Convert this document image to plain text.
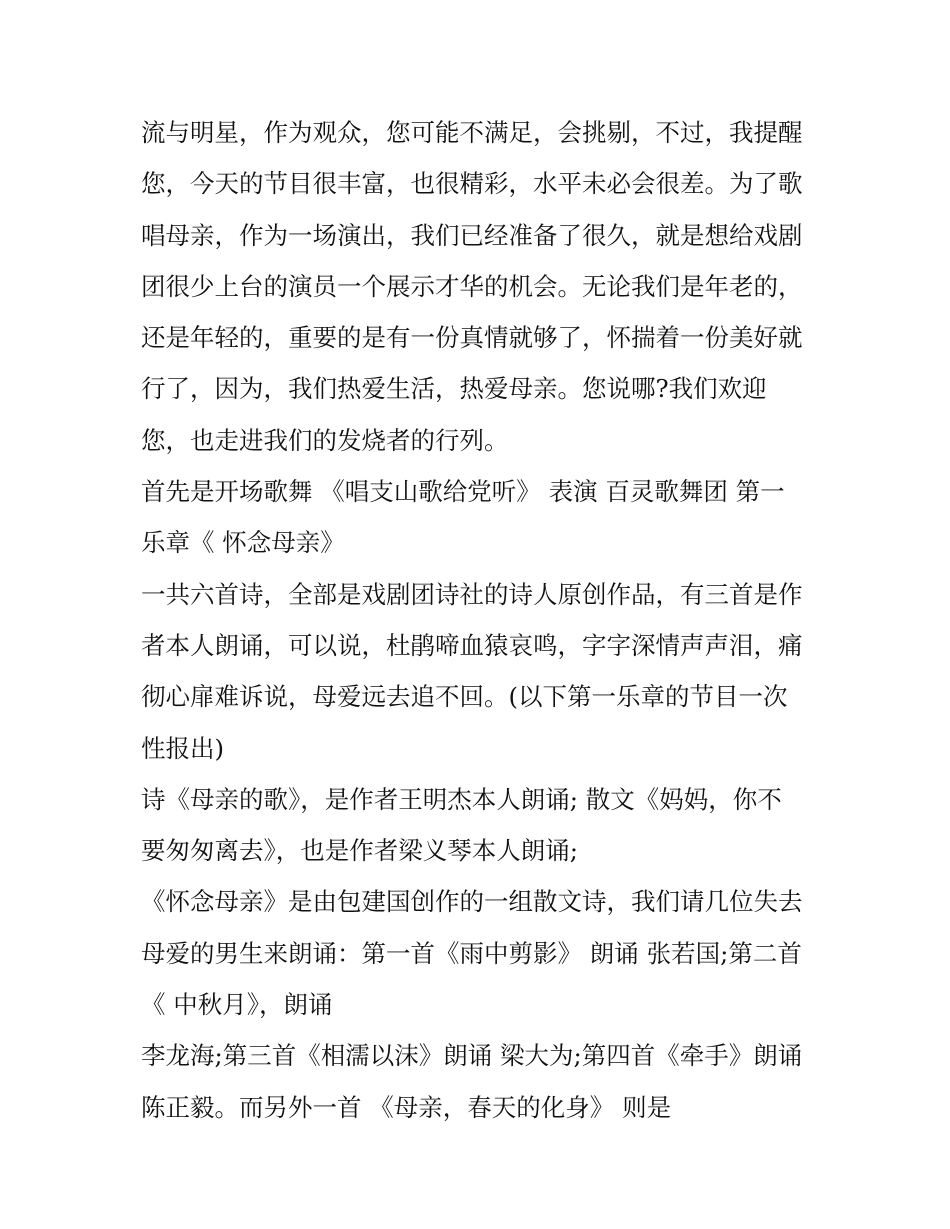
流与明星，作为观众，您可能不满足，会挑剔，不过，我提醒
您，今天的节目很丰富，也很精彩，水平未必会很差。为了歌
唱母亲，作为一场演出，我们已经准备了很久，就是想给戏剧
团很少上台的演员一个展示才华的机会。无论我们是年老的，
还是年轻的，重要的是有一份真情就够了，怀揣着一份美好就
行了，因为，我们热爱生活，热爱母亲。您说哪?我们欢迎
您，也走进我们的发烧者的行列。
首先是开场歌舞 《唱支山歌给党听》 表演 百灵歌舞团 第一
乐章《 怀念母亲》
一共六首诗，全部是戏剧团诗社的诗人原创作品，有三首是作
者本人朗诵，可以说，杜鹃啼血猿哀鸣，字字深情声声泪，痛
彻心扉难诉说，母爱远去追不回。(以下第一乐章的节目一次
性报出)
诗《母亲的歌》，是作者王明杰本人朗诵; 散文《妈妈，你不
要匆匆离去》，也是作者梁义琴本人朗诵;
《怀念母亲》是由包建国创作的一组散文诗，我们请几位失去
母爱的男生来朗诵：第一首《雨中剪影》 朗诵 张若国;第二首
《 中秋月》，朗诵
李龙海;第三首《相濡以沫》朗诵 梁大为;第四首《牵手》朗诵
陈正毅。而另外一首 《母亲，春天的化身》 则是
